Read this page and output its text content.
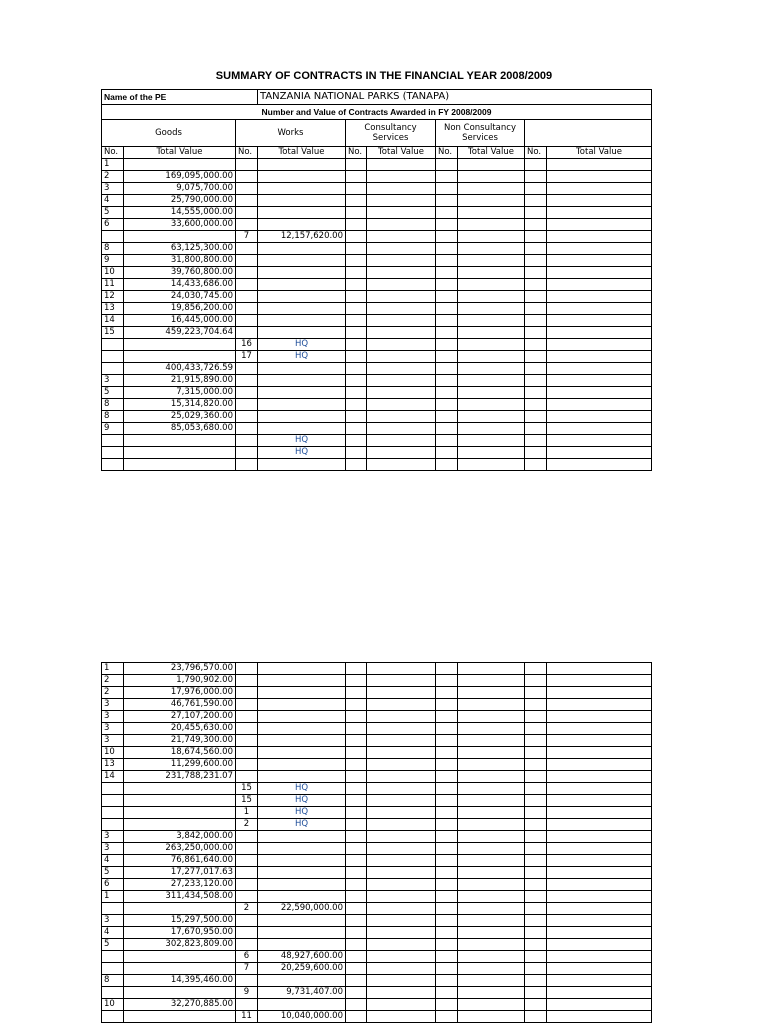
SUMMARY OF CONTRACTS IN THE FINANCIAL YEAR 2008/2009
Name of the PE			TANZANIA NATIONAL PARKS (TANAPA)						
Number and Value of Contracts Awarded in FY 2008/2009									
Goods		Works		Consultancy Services		Non Consultancy Services			
No.	Total Value	No.	Total Value	No.	Total Value	No.	Total Value	No.	Total Value
1									
2	169,095,000.00								
3	9,075,700.00								
4	25,790,000.00								
5	14,555,000.00								
6	33,600,000.00								
		7	12,157,620.00						
8	63,125,300.00								
9	31,800,800.00								
10	39,760,800.00								
11	14,433,686.00								
12	24,030,745.00								
13	19,856,200.00								
14	16,445,000.00								
15	459,223,704.64								
		16	HQ						
		17	HQ						
	400,433,726.59								
3	21,915,890.00								
5	7,315,000.00								
8	15,314,820.00								
8	25,029,360.00								
9	85,053,680.00								
			HQ						
			HQ						

1	23,796,570.00								
2	1,790,902.00								
2	17,976,000.00								
3	46,761,590.00								
3	27,107,200.00								
3	20,455,630.00								
3	21,749,300.00								
10	18,674,560.00								
13	11,299,600.00								
14	231,788,231.07								
		15	HQ						
		15	HQ						
		1	HQ						
		2	HQ						
3	3,842,000.00								
3	263,250,000.00								
4	76,861,640.00								
5	17,277,017.63								
6	27,233,120.00								
1	311,434,508.00								
		2	22,590,000.00						
3	15,297,500.00								
4	17,670,950.00								
5	302,823,809.00								
		6	48,927,600.00						
		7	20,259,600.00						
8	14,395,460.00								
		9	9,731,407.00						
10	32,270,885.00								
		11	10,040,000.00						
